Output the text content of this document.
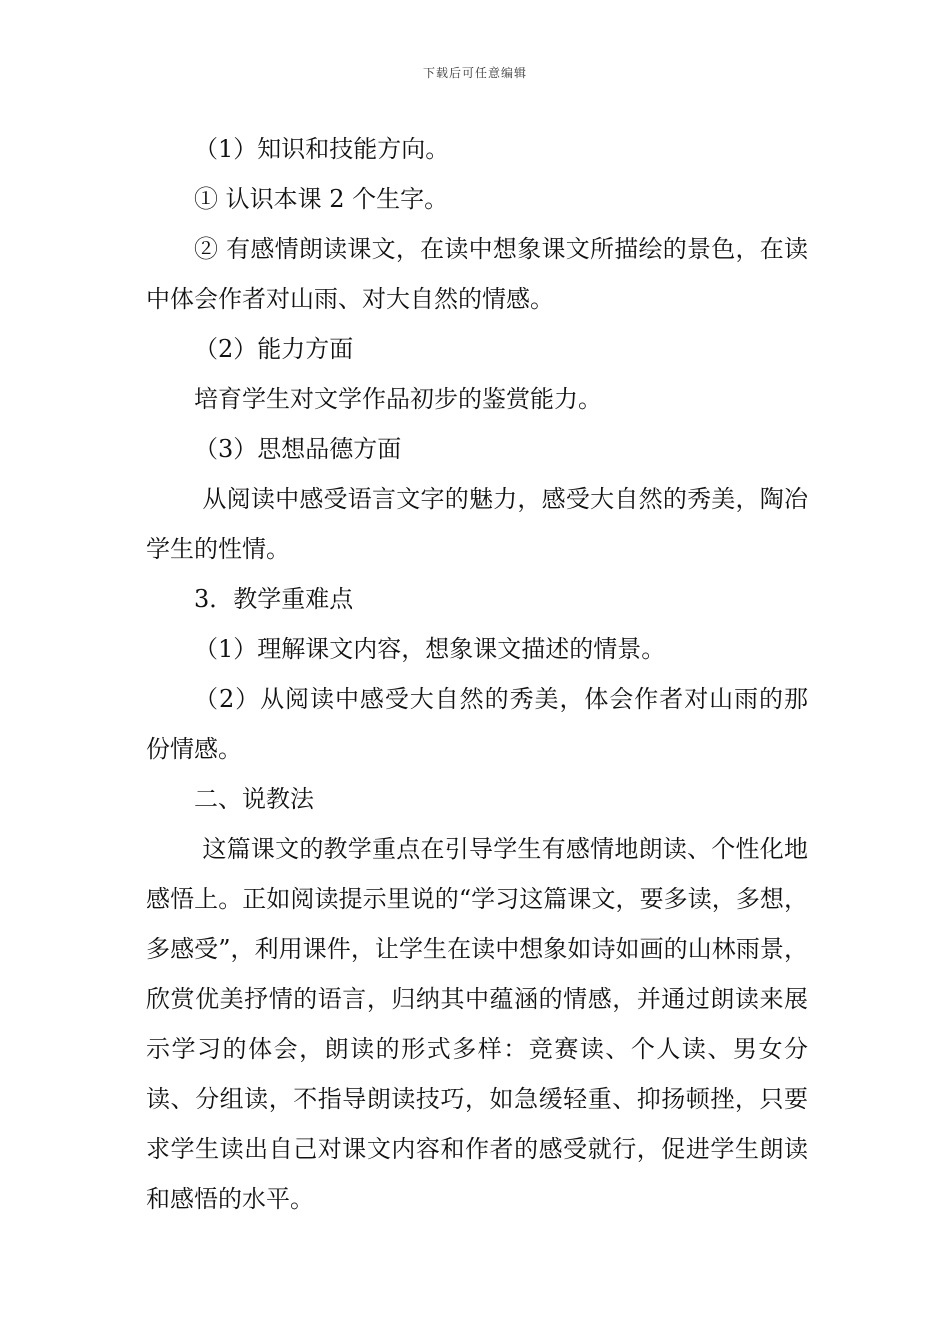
下载后可任意编辑

（1）知识和技能方向。

① 认识本课 2 个生字。

② 有感情朗读课文，在读中想象课文所描绘的景色，在读中体会作者对山雨、对大自然的情感。

（2）能力方面

培育学生对文学作品初步的鉴赏能力。

（3）思想品德方面

从阅读中感受语言文字的魅力，感受大自然的秀美，陶冶学生的性情。

3．教学重难点

（1）理解课文内容，想象课文描述的情景。

（2）从阅读中感受大自然的秀美，体会作者对山雨的那份情感。

二、说教法

这篇课文的教学重点在引导学生有感情地朗读、个性化地感悟上。正如阅读提示里说的“学习这篇课文，要多读，多想，多感受”，利用课件，让学生在读中想象如诗如画的山林雨景，欣赏优美抒情的语言，归纳其中蕴涵的情感，并通过朗读来展示学习的体会，朗读的形式多样：竞赛读、个人读、男女分读、分组读，不指导朗读技巧，如急缓轻重、抑扬顿挫，只要求学生读出自己对课文内容和作者的感受就行，促进学生朗读和感悟的水平。
